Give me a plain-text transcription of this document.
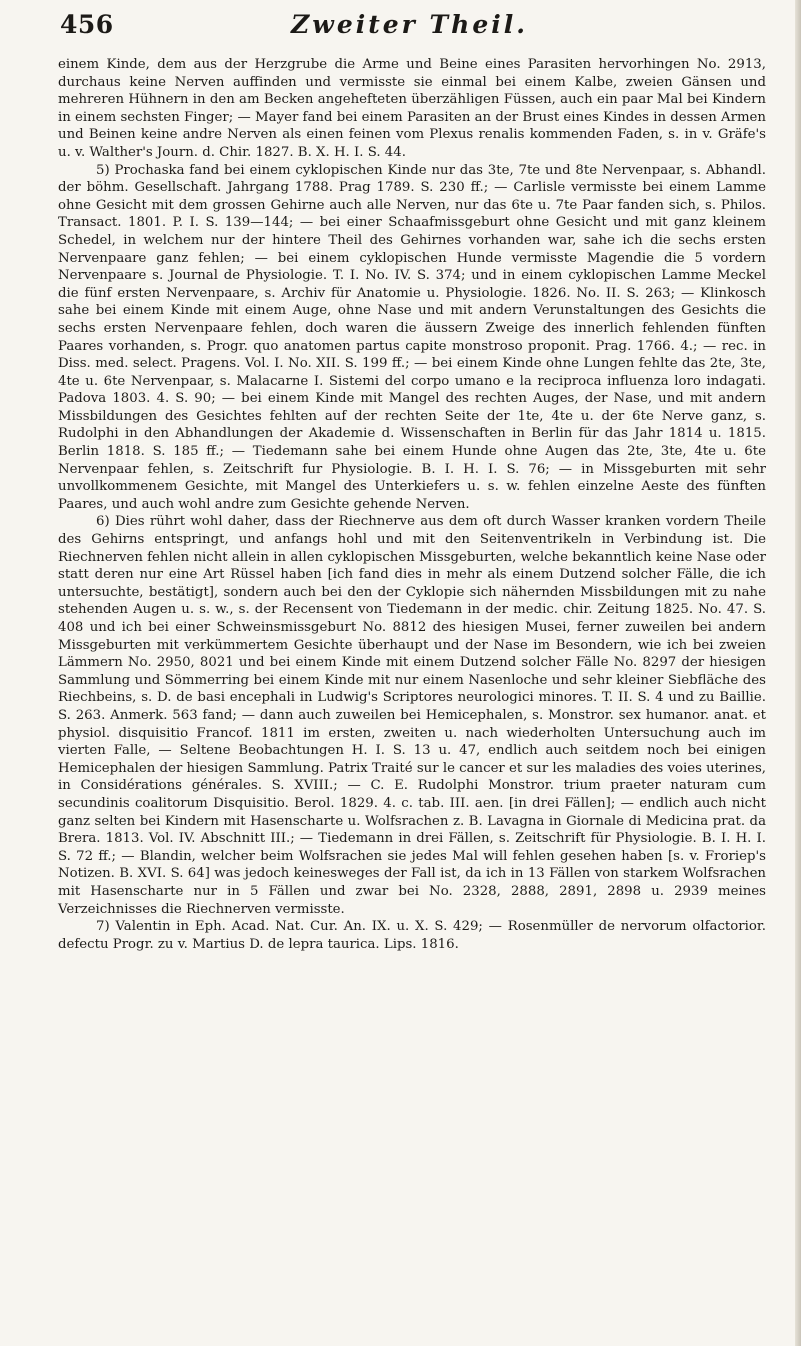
456	Zweiter Theil.

einem Kinde, dem aus der Herzgrube die Arme und Beine eines Parasiten hervorhingen No. 2913, durchaus keine Nerven auffinden und vermisste sie einmal bei einem Kalbe, zweien Gänsen und mehreren Hühnern in den am Becken angehefteten überzähligen Füssen, auch ein paar Mal bei Kindern in einem sechsten Finger; — Mayer fand bei einem Parasiten an der Brust eines Kindes in dessen Armen und Beinen keine andre Nerven als einen feinen vom Plexus renalis kommenden Faden, s. in v. Gräfe's u. v. Walther's Journ. d. Chir. 1827. B. X. H. I. S. 44.

5) Prochaska fand bei einem cyklopischen Kinde nur das 3te, 7te und 8te Nervenpaar, s. Abhandl. der böhm. Gesellschaft. Jahrgang 1788. Prag 1789. S. 230 ff.; — Carlisle vermisste bei einem Lamme ohne Gesicht mit dem grossen Gehirne auch alle Nerven, nur das 6te u. 7te Paar fanden sich, s. Philos. Transact. 1801. P. I. S. 139—144; — bei einer Schaafmissgeburt ohne Gesicht und mit ganz kleinem Schedel, in welchem nur der hintere Theil des Gehirnes vorhanden war, sahe ich die sechs ersten Nervenpaare ganz fehlen; — bei einem cyklopischen Hunde vermisste Magendie die 5 vordern Nervenpaare s. Journal de Physiologie. T. I. No. IV. S. 374; und in einem cyklopischen Lamme Meckel die fünf ersten Nervenpaare, s. Archiv für Anatomie u. Physiologie. 1826. No. II. S. 263; — Klinkosch sahe bei einem Kinde mit einem Auge, ohne Nase und mit andern Verunstaltungen des Gesichts die sechs ersten Nervenpaare fehlen, doch waren die äussern Zweige des innerlich fehlenden fünften Paares vorhanden, s. Progr. quo anatomen partus capite monstroso proponit. Prag. 1766. 4.; — rec. in Diss. med. select. Pragens. Vol. I. No. XII. S. 199 ff.; — bei einem Kinde ohne Lungen fehlte das 2te, 3te, 4te u. 6te Nervenpaar, s. Malacarne I. Sistemi del corpo umano e la reciproca influenza loro indagati. Padova 1803. 4. S. 90; — bei einem Kinde mit Mangel des rechten Auges, der Nase, und mit andern Missbildungen des Gesichtes fehlten auf der rechten Seite der 1te, 4te u. der 6te Nerve ganz, s. Rudolphi in den Abhandlungen der Akademie d. Wissenschaften in Berlin für das Jahr 1814 u. 1815. Berlin 1818. S. 185 ff.; — Tiedemann sahe bei einem Hunde ohne Augen das 2te, 3te, 4te u. 6te Nervenpaar fehlen, s. Zeitschrift fur Physiologie. B. I. H. I. S. 76; — in Missgeburten mit sehr unvollkommenem Gesichte, mit Mangel des Unterkiefers u. s. w. fehlen einzelne Aeste des fünften Paares, und auch wohl andre zum Gesichte gehende Nerven.

6) Dies rührt wohl daher, dass der Riechnerve aus dem oft durch Wasser kranken vordern Theile des Gehirns entspringt, und anfangs hohl und mit den Seitenventrikeln in Verbindung ist. Die Riechnerven fehlen nicht allein in allen cyklopischen Missgeburten, welche bekanntlich keine Nase oder statt deren nur eine Art Rüssel haben [ich fand dies in mehr als einem Dutzend solcher Fälle, die ich untersuchte, bestätigt], sondern auch bei den der Cyklopie sich nähernden Missbildungen mit zu nahe stehenden Augen u. s. w., s. der Recensent von Tiedemann in der medic. chir. Zeitung 1825. No. 47. S. 408 und ich bei einer Schweinsmissgeburt No. 8812 des hiesigen Musei, ferner zuweilen bei andern Missgeburten mit verkümmertem Gesichte überhaupt und der Nase im Besondern, wie ich bei zweien Lämmern No. 2950, 8021 und bei einem Kinde mit einem Dutzend solcher Fälle No. 8297 der hiesigen Sammlung und Sömmerring bei einem Kinde mit nur einem Nasenloche und sehr kleiner Siebfläche des Riechbeins, s. D. de basi encephali in Ludwig's Scriptores neurologici minores. T. II. S. 4 und zu Baillie. S. 263. Anmerk. 563 fand; — dann auch zuweilen bei Hemicephalen, s. Monstror. sex humanor. anat. et physiol. disquisitio Francof. 1811 im ersten, zweiten u. nach wiederholten Untersuchung auch im vierten Falle, — Seltene Beobachtungen H. I. S. 13 u. 47, endlich auch seitdem noch bei einigen Hemicephalen der hiesigen Sammlung. Patrix Traité sur le cancer et sur les maladies des voies uterines, in Considérations générales. S. XVIII.; — C. E. Rudolphi Monstror. trium praeter naturam cum secundinis coalitorum Disquisitio. Berol. 1829. 4. c. tab. III. aen. [in drei Fällen]; — endlich auch nicht ganz selten bei Kindern mit Hasenscharte u. Wolfsrachen z. B. Lavagna in Giornale di Medicina prat. da Brera. 1813. Vol. IV. Abschnitt III.; — Tiedemann in drei Fällen, s. Zeitschrift für Physiologie. B. I. H. I. S. 72 ff.; — Blandin, welcher beim Wolfsrachen sie jedes Mal will fehlen gesehen haben [s. v. Froriep's Notizen. B. XVI. S. 64] was jedoch keinesweges der Fall ist, da ich in 13 Fällen von starkem Wolfsrachen mit Hasenscharte nur in 5 Fällen und zwar bei No. 2328, 2888, 2891, 2898 u. 2939 meines Verzeichnisses die Riechnerven vermisste.

7) Valentin in Eph. Acad. Nat. Cur. An. IX. u. X. S. 429; — Rosenmüller de nervorum olfactorior. defectu Progr. zu v. Martius D. de lepra taurica. Lips. 1816.
